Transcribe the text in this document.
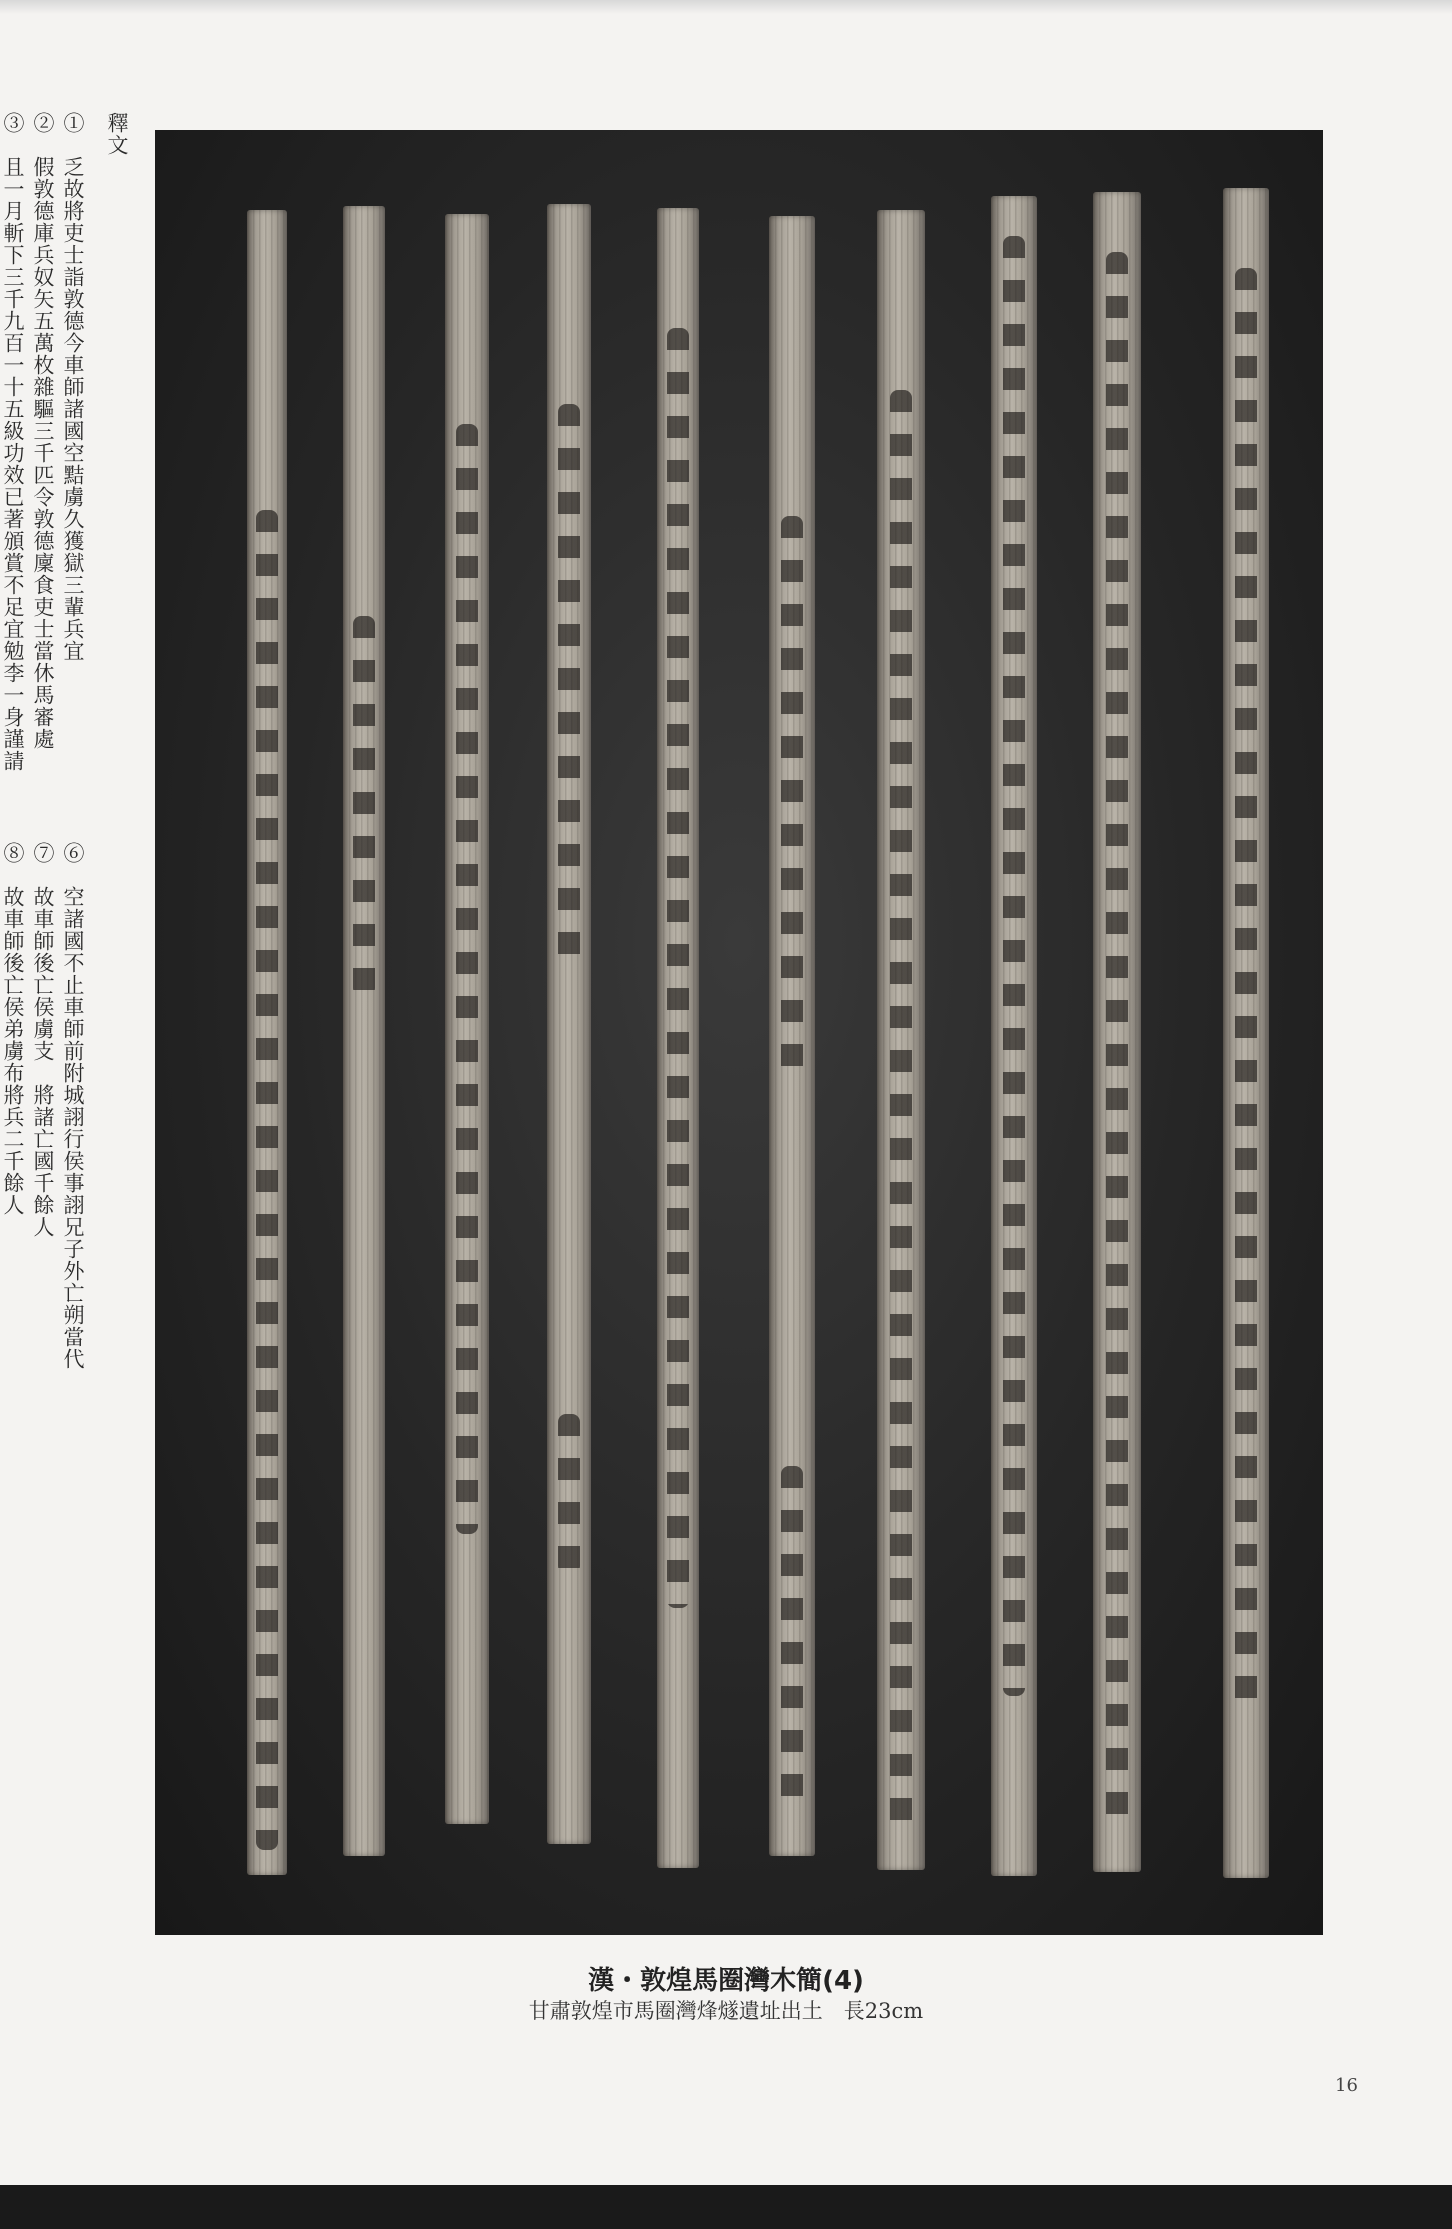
釋文
①　乏故將吏士詣敦德今車師諸國空黠虜久獲獄三輩兵宜
②　假敦德庫兵奴矢五萬枚雜驅三千匹令敦德廩食吏士當休馬審處
③　且一月斬下三千九百一十五級功效已著頒賞不足宜勉李一身謹請
⑥　空諸國不止車師前附城詡行侯事詡兄子外亡朔當代
⑦　故車師後亡侯虜支　將諸亡國千餘人
⑧　故車師後亡侯弟虜布將兵二千餘人
漢・敦煌馬圈灣木簡(4)
甘肅敦煌市馬圈灣烽燧遺址出土　長23cm
16
